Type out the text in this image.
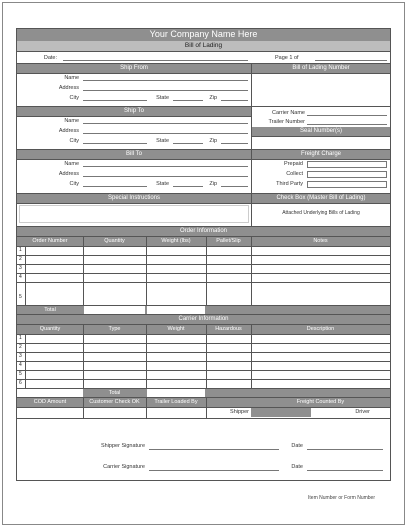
Your Company Name Here
Bill of Lading
Date:	Page 1 of
Ship From	Bill of Lading Number
Name
Address
City	State	Zip
Ship To
Name
Address
City	State	Zip
Carrier Name
Trailer Number
Seal Number(s)
Bill To	Freight Charge
Name
Address
City	State	Zip
Prepaid
Collect
Third Party
Special Instructions	Check Box (Master Bill of Lading)
Attached Underlying Bills of Lading
Order Information
Order Number	Quantity	Weight (lbs)	Pallet/Slip	Notes
1
2
3
4
5
Total
Carrier Information
Quantity	Type	Weight	Hazardous	Description
1
2
3
4
5
6
Total
COD Amount	Customer Check OK	Trailer Loaded By	Freight Counted By
Shipper	Driver
Shipper Signature	Date
Carrier Signature	Date
Item Number or Form Number
